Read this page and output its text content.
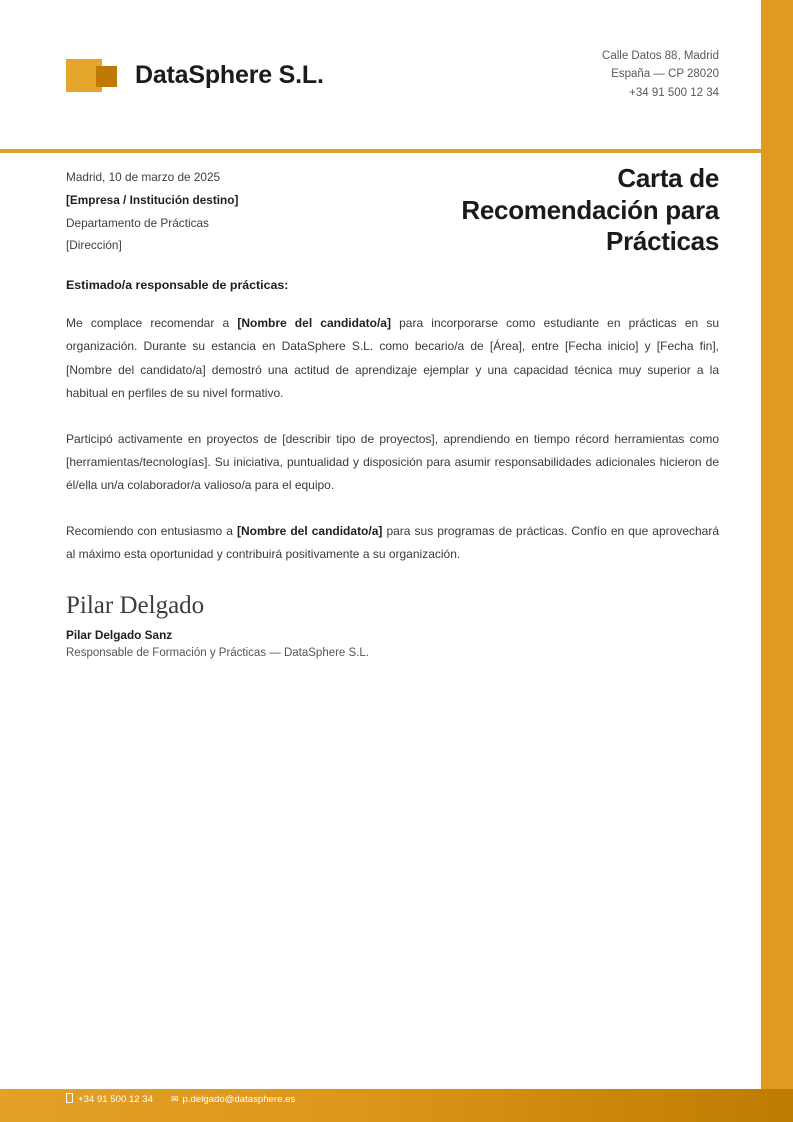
DataSphere S.L.
Calle Datos 88, Madrid
España — CP 28020
+34 91 500 12 34
Madrid, 10 de marzo de 2025
[Empresa / Institución destino]
Departamento de Prácticas
[Dirección]
Carta de Recomendación para Prácticas

Estimado/a responsable de prácticas:

Me complace recomendar a [Nombre del candidato/a] para incorporarse como estudiante en prácticas en su organización. Durante su estancia en DataSphere S.L. como becario/a de [Área], entre [Fecha inicio] y [Fecha fin], [Nombre del candidato/a] demostró una actitud de aprendizaje ejemplar y una capacidad técnica muy superior a la habitual en perfiles de su nivel formativo.

Participó activamente en proyectos de [describir tipo de proyectos], aprendiendo en tiempo récord herramientas como [herramientas/tecnologías]. Su iniciativa, puntualidad y disposición para asumir responsabilidades adicionales hicieron de él/ella un/a colaborador/a valioso/a para el equipo.

Recomiendo con entusiasmo a [Nombre del candidato/a] para sus programas de prácticas. Confío en que aprovechará al máximo esta oportunidad y contribuirá positivamente a su organización.

Pilar Delgado
Pilar Delgado Sanz
Responsable de Formación y Prácticas — DataSphere S.L.
+34 91 500 12 34 ✉ p.delgado@datasphere.es
